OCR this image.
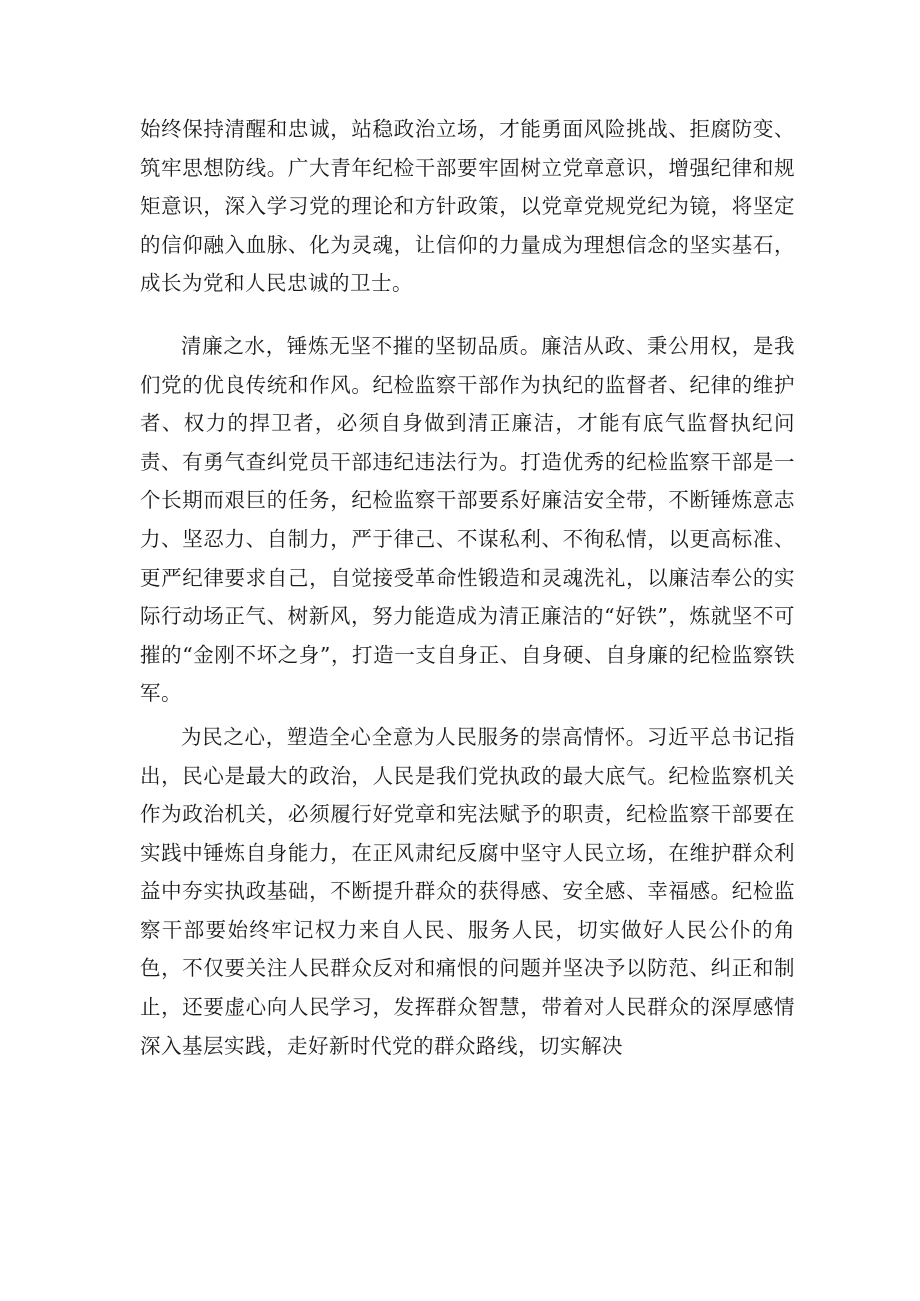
始终保持清醒和忠诚，站稳政治立场，才能勇面风险挑战、拒腐防变、筑牢思想防线。广大青年纪检干部要牢固树立党章意识，增强纪律和规矩意识，深入学习党的理论和方针政策，以党章党规党纪为镜，将坚定的信仰融入血脉、化为灵魂，让信仰的力量成为理想信念的坚实基石，成长为党和人民忠诚的卫士。

清廉之水，锤炼无坚不摧的坚韧品质。廉洁从政、秉公用权，是我们党的优良传统和作风。纪检监察干部作为执纪的监督者、纪律的维护者、权力的捍卫者，必须自身做到清正廉洁，才能有底气监督执纪问责、有勇气查纠党员干部违纪违法行为。打造优秀的纪检监察干部是一个长期而艰巨的任务，纪检监察干部要系好廉洁安全带，不断锤炼意志力、坚忍力、自制力，严于律己、不谋私利、不徇私情，以更高标准、更严纪律要求自己，自觉接受革命性锻造和灵魂洗礼，以廉洁奉公的实际行动场正气、树新风，努力能造成为清正廉洁的“好铁”，炼就坚不可摧的“金刚不坏之身”，打造一支自身正、自身硬、自身廉的纪检监察铁军。

为民之心，塑造全心全意为人民服务的崇高情怀。习近平总书记指出，民心是最大的政治，人民是我们党执政的最大底气。纪检监察机关作为政治机关，必须履行好党章和宪法赋予的职责，纪检监察干部要在实践中锤炼自身能力，在正风肃纪反腐中坚守人民立场，在维护群众利益中夯实执政基础，不断提升群众的获得感、安全感、幸福感。纪检监察干部要始终牢记权力来自人民、服务人民，切实做好人民公仆的角色，不仅要关注人民群众反对和痛恨的问题并坚决予以防范、纠正和制止，还要虚心向人民学习，发挥群众智慧，带着对人民群众的深厚感情深入基层实践，走好新时代党的群众路线，切实解决
